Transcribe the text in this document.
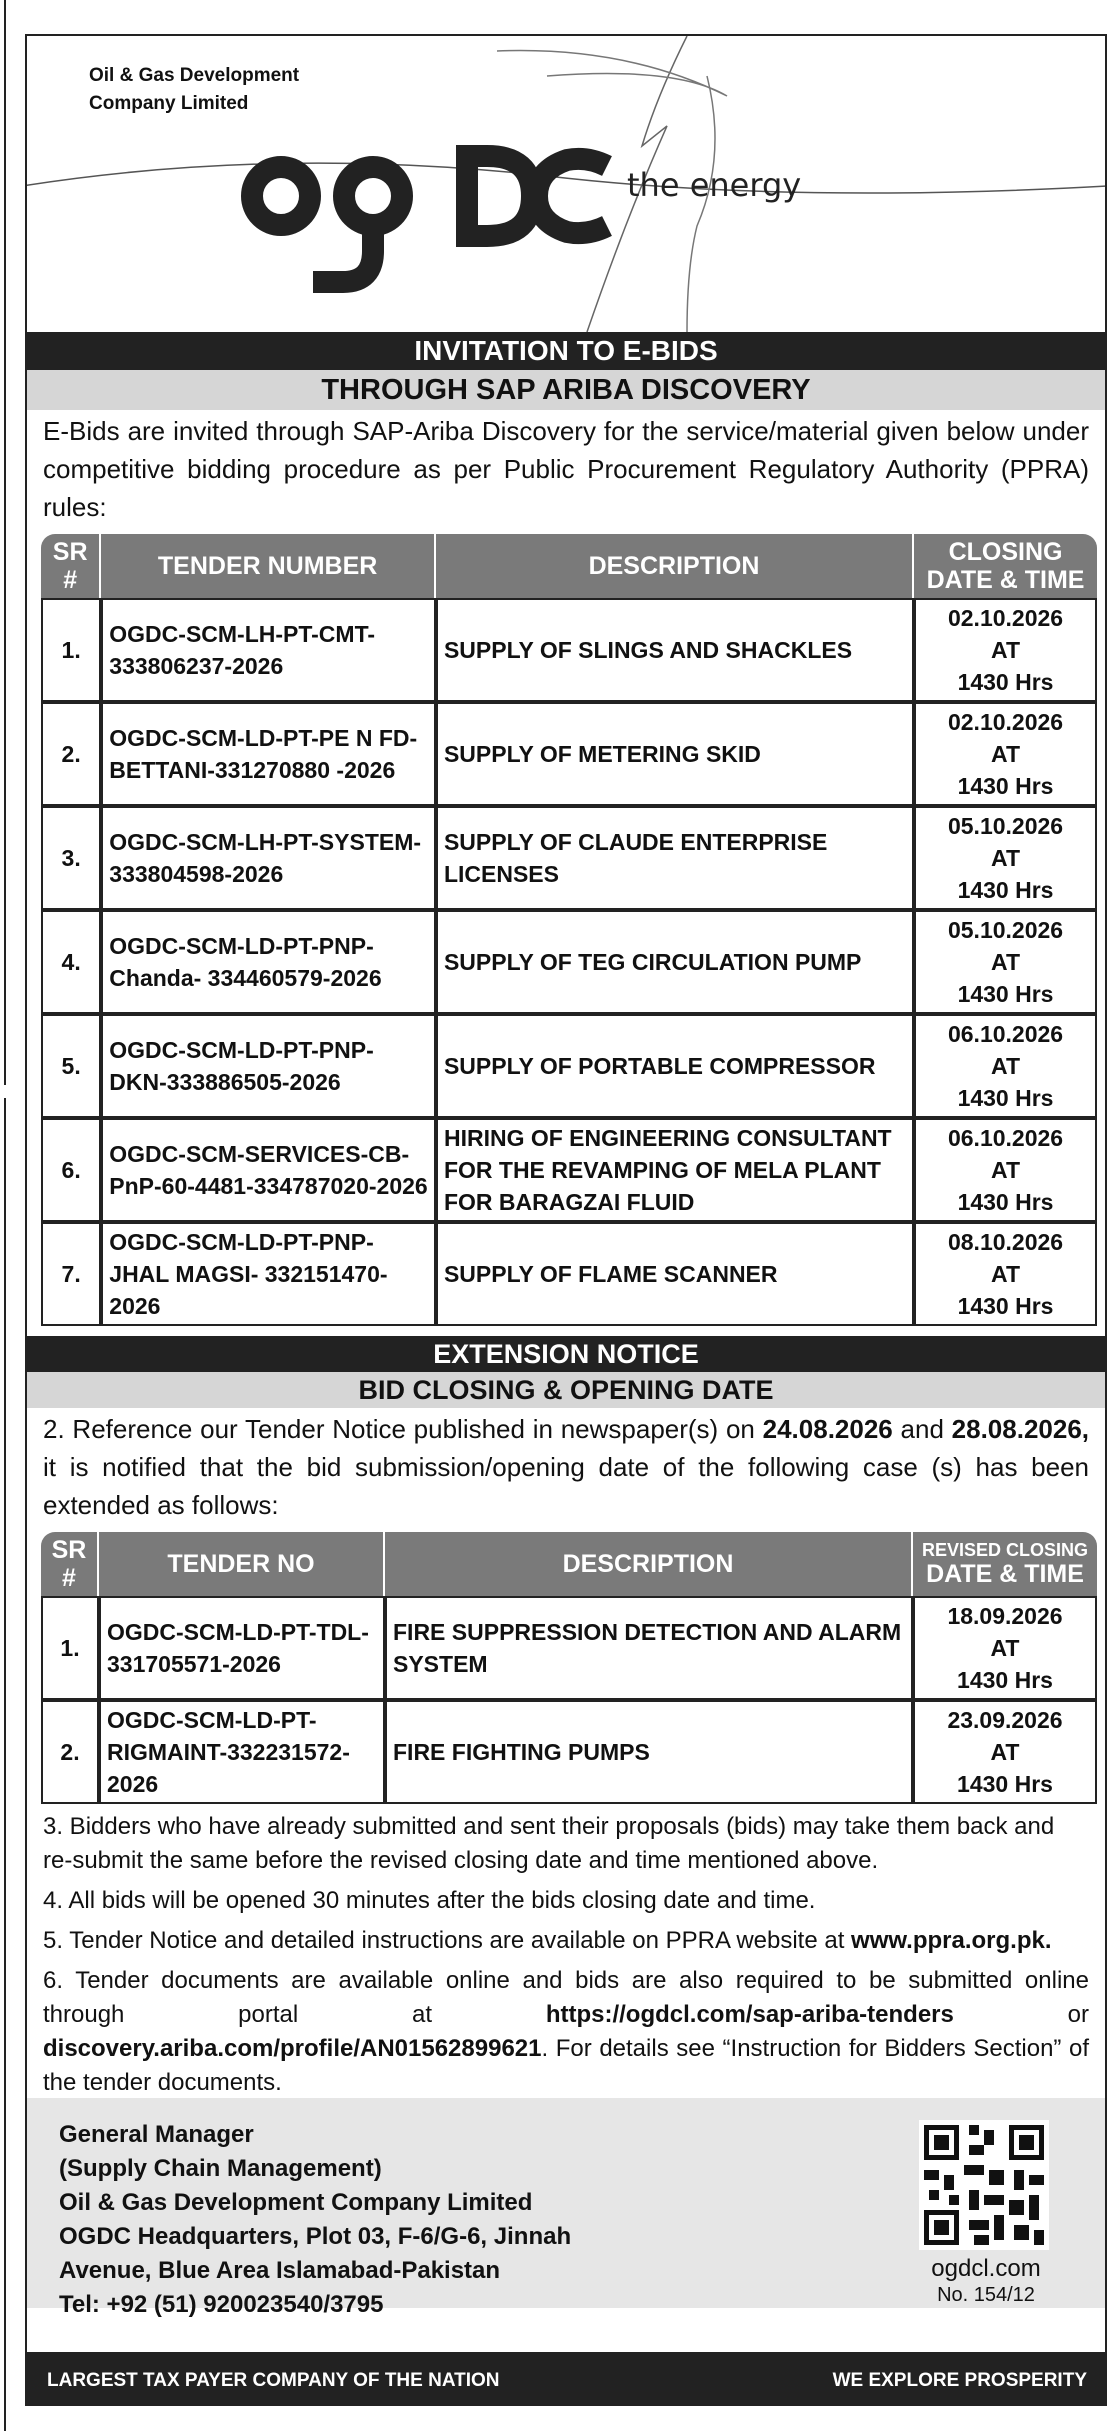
Oil & Gas Development
Company Limited
the energy
INVITATION TO E-BIDS
THROUGH SAP ARIBA DISCOVERY
E-Bids are invited through SAP-Ariba Discovery for the service/material given below under competitive bidding procedure as per Public Procurement Regulatory Authority (PPRA) rules:
SR #	TENDER NUMBER	DESCRIPTION	CLOSING DATE & TIME
1.	OGDC-SCM-LH-PT-CMT-333806237-2026	SUPPLY OF SLINGS AND SHACKLES	02.10.2026
AT
1430 Hrs

2.	OGDC-SCM-LD-PT-PE N FD-BETTANI-331270880 -2026	SUPPLY OF METERING SKID	02.10.2026
AT
1430 Hrs

3.	OGDC-SCM-LH-PT-SYSTEM-333804598-2026	SUPPLY OF CLAUDE ENTERPRISE LICENSES	05.10.2026
AT
1430 Hrs

4.	OGDC-SCM-LD-PT-PNP-Chanda- 334460579-2026	SUPPLY OF TEG CIRCULATION PUMP	05.10.2026
AT
1430 Hrs

5.	OGDC-SCM-LD-PT-PNP-DKN-333886505-2026	SUPPLY OF PORTABLE COMPRESSOR	06.10.2026
AT
1430 Hrs

6.	OGDC-SCM-SERVICES-CB-PnP-60-4481-334787020-2026	HIRING OF ENGINEERING CONSULTANT FOR THE REVAMPING OF MELA PLANT FOR BARAGZAI FLUID	06.10.2026
AT
1430 Hrs

7.	OGDC-SCM-LD-PT-PNP-JHAL MAGSI- 332151470-2026	SUPPLY OF FLAME SCANNER	08.10.2026
AT
1430 Hrs
EXTENSION NOTICE
BID CLOSING & OPENING DATE
2. Reference our Tender Notice published in newspaper(s) on 24.08.2026 and 28.08.2026, it is notified that the bid submission/opening date of the following case (s) has been extended as follows:
SR #	TENDER NO	DESCRIPTION	REVISED CLOSING
DATE & TIME

1.	OGDC-SCM-LD-PT-TDL-331705571-2026	FIRE SUPPRESSION DETECTION AND ALARM SYSTEM	18.09.2026
AT
1430 Hrs

2.	OGDC-SCM-LD-PT-RIGMAINT-332231572-2026	FIRE FIGHTING PUMPS	23.09.2026
AT
1430 Hrs
3. Bidders who have already submitted and sent their proposals (bids) may take them back and re-submit the same before the revised closing date and time mentioned above.
4. All bids will be opened 30 minutes after the bids closing date and time.
5. Tender Notice and detailed instructions are available on PPRA website at www.ppra.org.pk.
6. Tender documents are available online and bids are also required to be submitted online through portal at https://ogdcl.com/sap-ariba-tenders or discovery.ariba.com/profile/AN01562899621. For details see “Instruction for Bidders Section” of the tender documents.
General Manager
(Supply Chain Management)
Oil & Gas Development Company Limited
OGDC Headquarters, Plot 03, F-6/G-6, Jinnah
Avenue, Blue Area Islamabad-Pakistan
Tel: +92 (51) 920023540/3795
ogdcl.com
No. 154/12
LARGEST TAX PAYER COMPANY OF THE NATION	WE EXPLORE PROSPERITY
